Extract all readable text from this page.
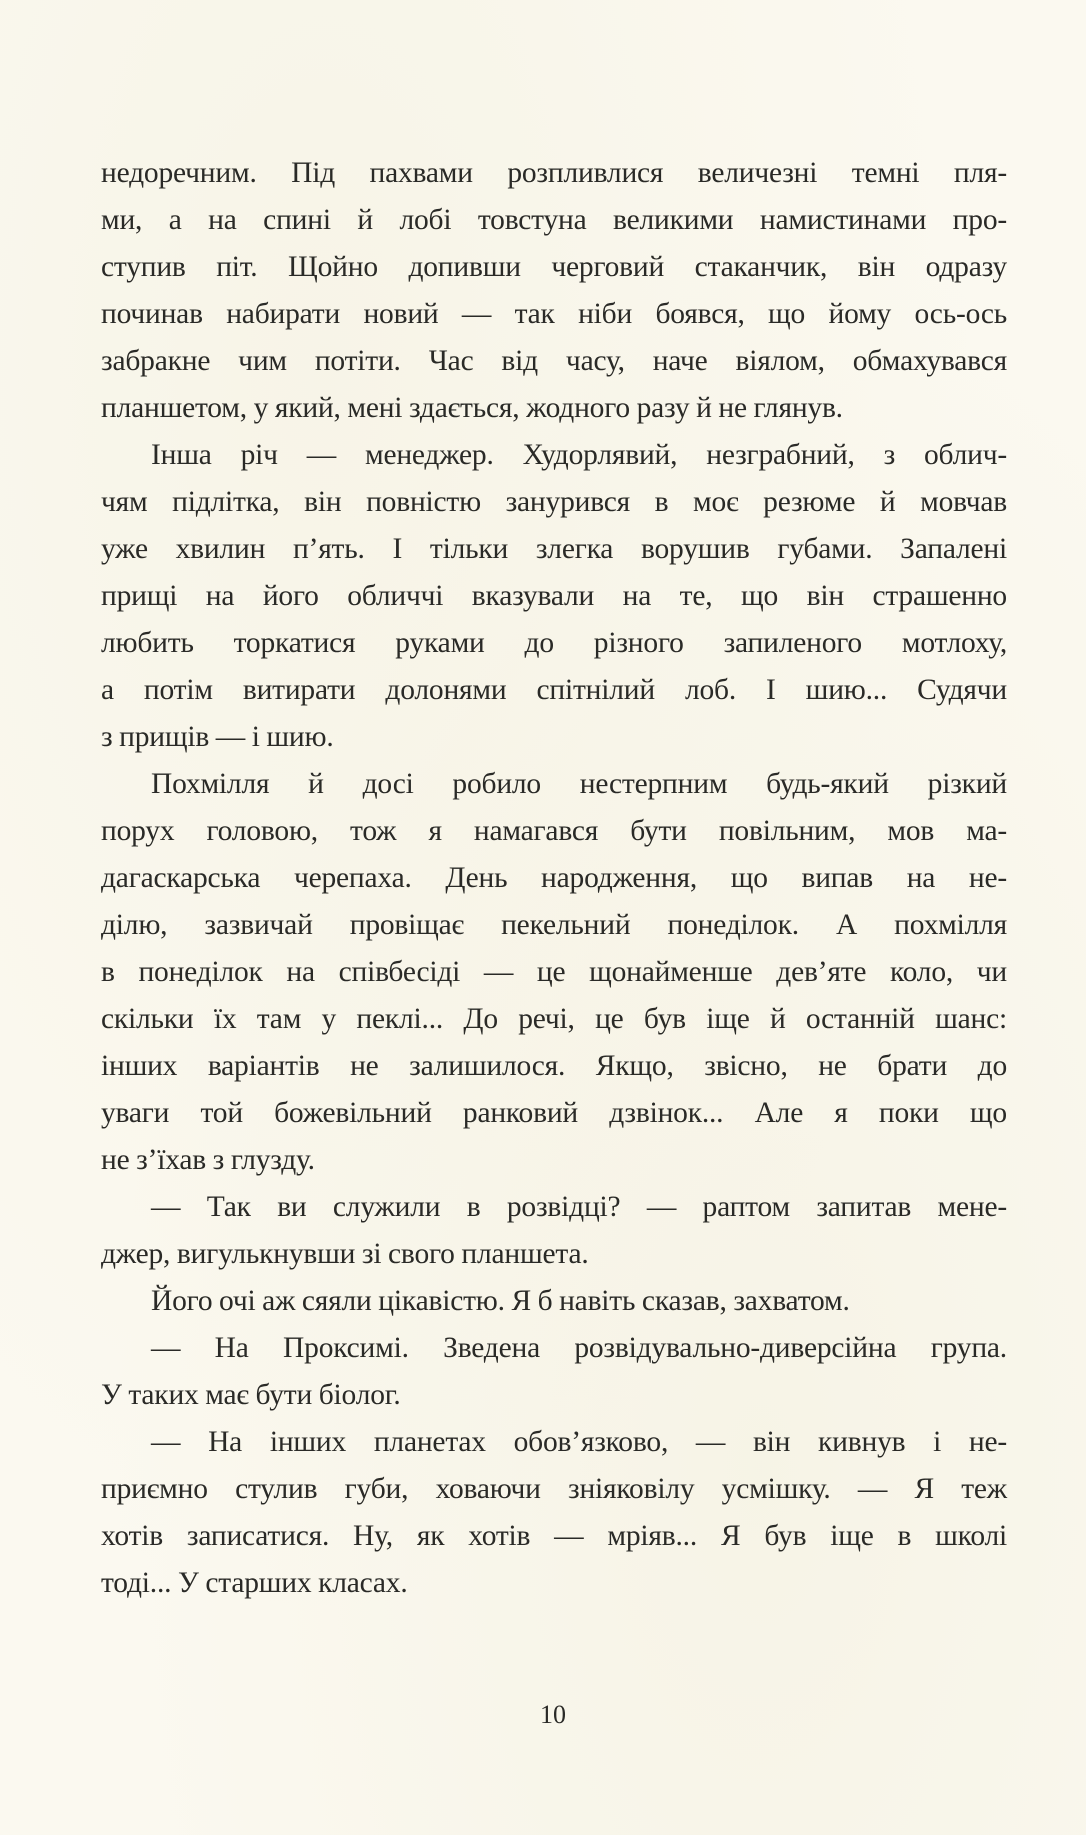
недоречним. Під пахвами розпливлися величезні темні пля-
ми, а на спині й лобі товстуна великими намистинами про-
ступив піт. Щойно допивши черговий стаканчик, він одразу
починав набирати новий — так ніби боявся, що йому ось-ось
забракне чим потіти. Час від часу, наче віялом, обмахувався
планшетом, у який, мені здається, жодного разу й не глянув.
Інша річ — менеджер. Худорлявий, незграбний, з облич-
чям підлітка, він повністю занурився в моє резюме й мовчав
уже хвилин п’ять. І тільки злегка ворушив губами. Запалені
прищі на його обличчі вказували на те, що він страшенно
любить торкатися руками до різного запиленого мотлоху,
а потім витирати долонями спітнілий лоб. І шию... Судячи
з прищів — і шию.
Похмілля й досі робило нестерпним будь-який різкий
порух головою, тож я намагався бути повільним, мов ма-
дагаскарська черепаха. День народження, що випав на не-
ділю, зазвичай провіщає пекельний понеділок. А похмілля
в понеділок на співбесіді — це щонайменше дев’яте коло, чи
скільки їх там у пеклі... До речі, це був іще й останній шанс:
інших варіантів не залишилося. Якщо, звісно, не брати до
уваги той божевільний ранковий дзвінок... Але я поки що
не з’їхав з глузду.
— Так ви служили в розвідці? — раптом запитав мене-
джер, вигулькнувши зі свого планшета.
Його очі аж сяяли цікавістю. Я б навіть сказав, захватом.
— На Проксимі. Зведена розвідувально-диверсійна група.
У таких має бути біолог.
— На інших планетах обов’язково, — він кивнув і не-
приємно стулив губи, ховаючи зніяковілу усмішку. — Я теж
хотів записатися. Ну, як хотів — мріяв... Я був іще в школі
тоді... У старших класах.
10
